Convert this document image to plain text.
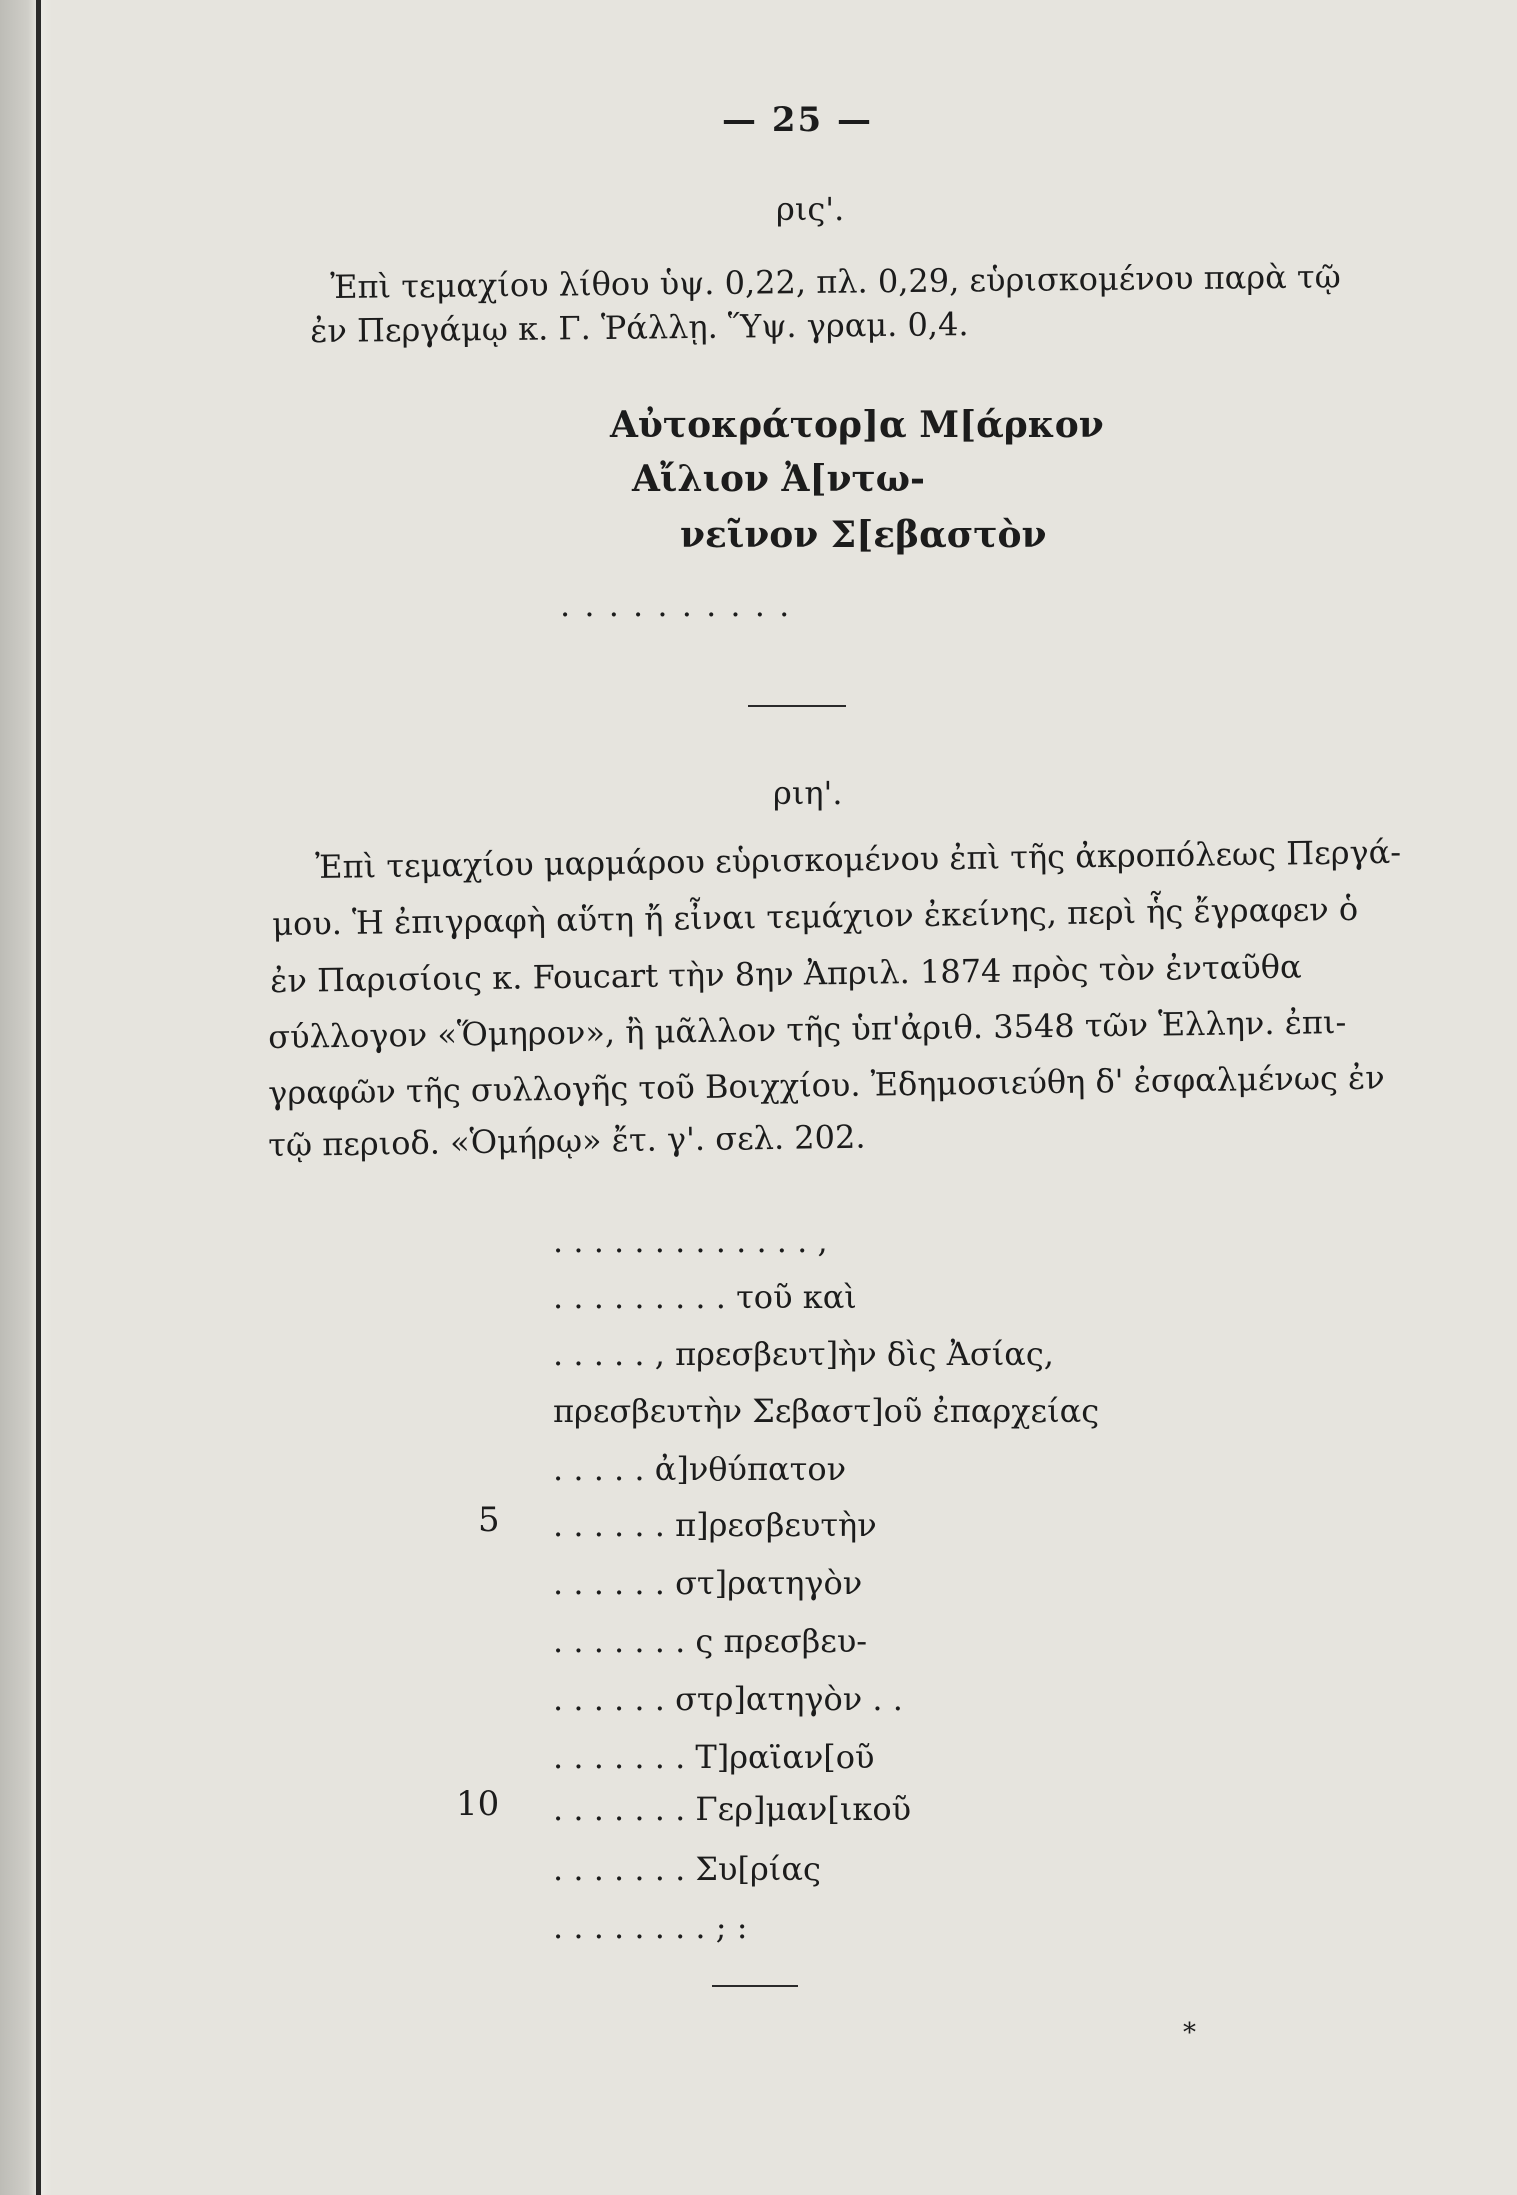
— 25 —
ρις'.
Ἐπὶ τεμαχίου λίθου ὑψ. 0,22, πλ. 0,29, εὑρισκομένου παρὰ τῷ
ἐν Περγάμῳ κ. Γ. Ῥάλλῃ. Ὕψ. γραμ. 0,4.
Αὐτοκράτορ]α Μ[άρκον
Αἴλιον Ἀ[ντω-
νεῖνον Σ[εβαστὸν
. . . . . . . . . .
ριη'.
Ἐπὶ τεμαχίου μαρμάρου εὑρισκομένου ἐπὶ τῆς ἀκροπόλεως Περγά-
μου. Ἡ ἐπιγραφὴ αὕτη ἤ εἶναι τεμάχιον ἐκείνης, περὶ ἧς ἔγραφεν ὁ
ἐν Παρισίοις κ. Foucart τὴν 8ην Ἀπριλ. 1874 πρὸς τὸν ἐνταῦθα
σύλλογον «Ὅμηρον», ἢ μᾶλλον τῆς ὑπ'ἀριθ. 3548 τῶν Ἑλλην. ἐπι-
γραφῶν τῆς συλλογῆς τοῦ Βοιχχίου. Ἐδημοσιεύθη δ' ἐσφαλμένως ἐν
τῷ περιοδ. «Ὁμήρῳ» ἔτ. γ'. σελ. 202.
. . . . . . . . . . . . . ,
. . . . . . . . . τοῦ καὶ
. . . . . , πρεσβευτ]ὴν δὶς Ἀσίας,
πρεσβευτὴν Σεβαστ]οῦ ἐπαρχείας
. . . . . ἀ]νθύπατον
5 . . . . . . π]ρεσβευτὴν
. . . . . . στ]ρατηγὸν
. . . . . . . ς πρεσβευ-
. . . . . . στρ]ατηγὸν . .
. . . . . . . Τ]ραϊαν[οῦ
10 . . . . . . . Γερ]μαν[ικοῦ
. . . . . . . Συ[ρίας
. . . . . . . . ; :
*
